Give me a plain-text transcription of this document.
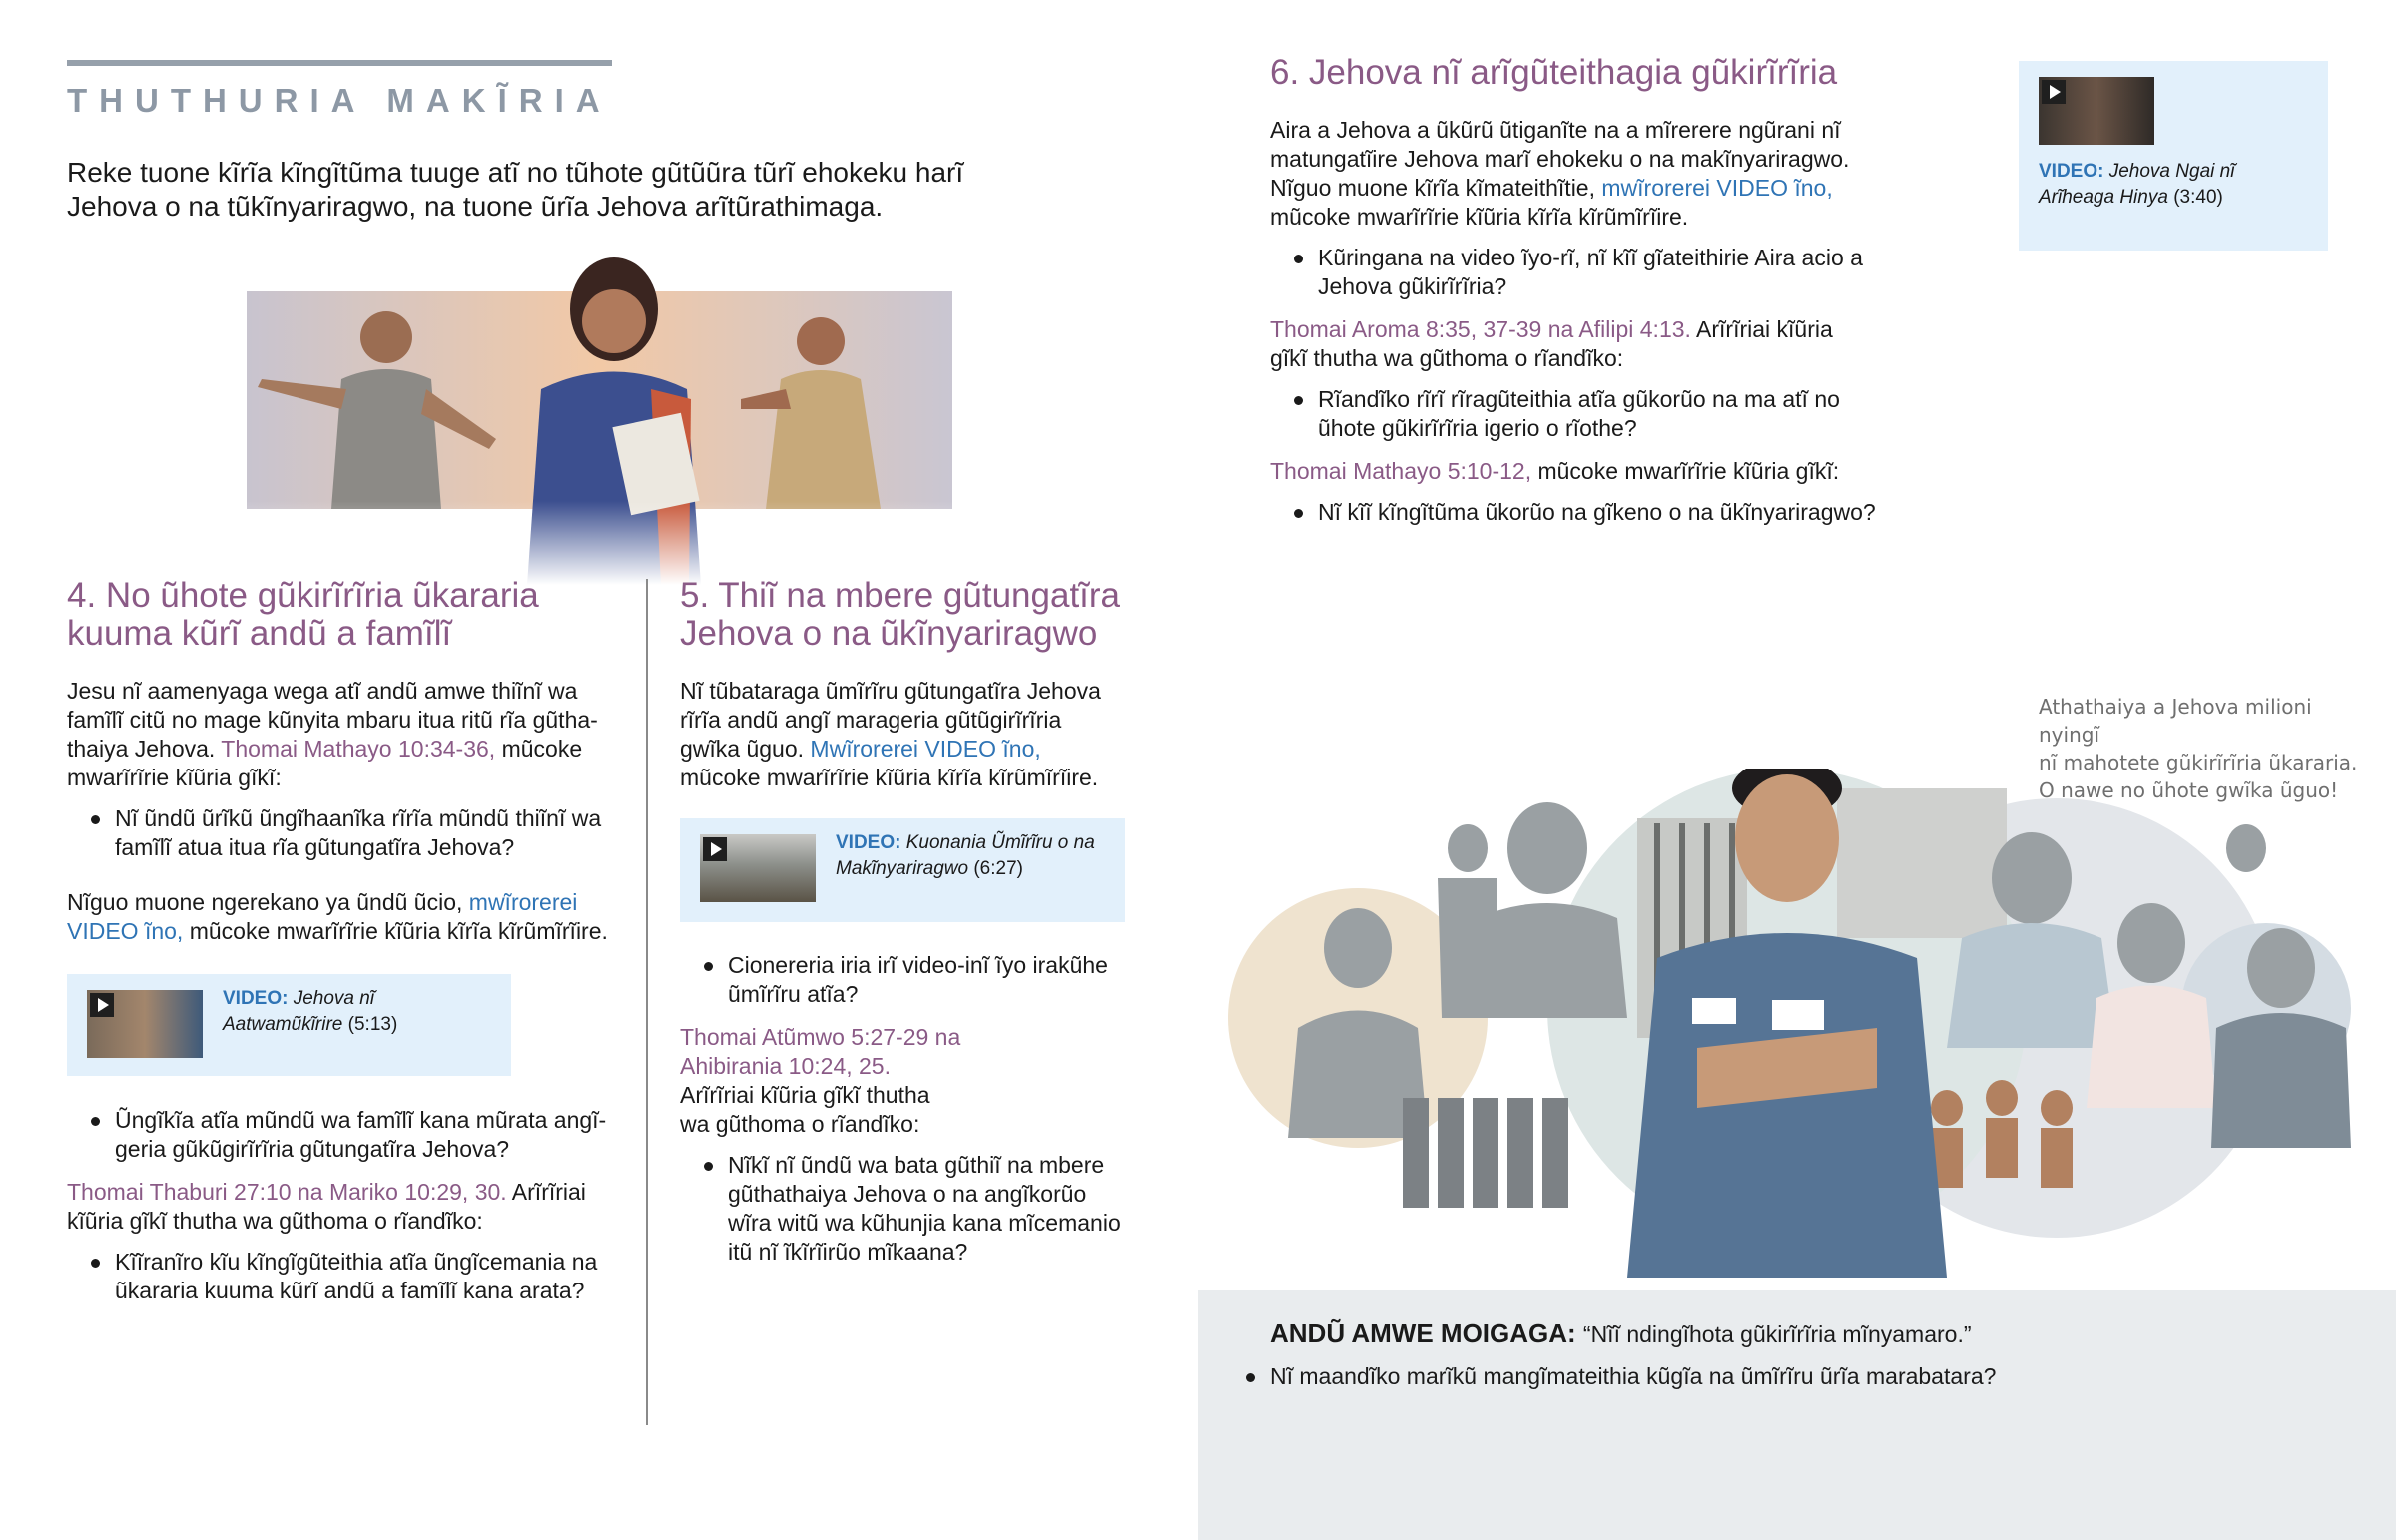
THUTHURIA MAKĨRIA
Reke tuone kĩrĩa kĩngĩtũma tuuge atĩ no tũhote gũtũũra tũrĩ ehokeku harĩ Jehova o na tũkĩnyariragwo, na tuone ũrĩa Jehova arĩtũrathimaga.
4. No ũhote gũkirĩrĩria ũkararia
kuuma kũrĩ andũ a famĩlĩ
Jesu nĩ aamenyaga wega atĩ andũ amwe thiĩnĩ wa
famĩlĩ citũ no mage kũnyita mbaru itua ritũ rĩa gũtha-
thaiya Jehova. Thomai Mathayo 10:34-36, mũcoke
mwarĩrĩrie kĩũria gĩkĩ:
Nĩ ũndũ ũrĩkũ ũngĩhaanĩka rĩrĩa mũndũ thiĩnĩ wa
famĩlĩ atua itua rĩa gũtungatĩra Jehova?
Nĩguo muone ngerekano ya ũndũ ũcio, mwĩrorerei
VIDEO ĩno, mũcoke mwarĩrĩrie kĩũria kĩrĩa kĩrũmĩrĩire.
VIDEO: Jehova nĩ
Aatwamũkĩrire (5:13)
Ũngĩkĩa atĩa mũndũ wa famĩlĩ kana mũrata angĩ-
geria gũkũgirĩrĩria gũtungatĩra Jehova?
Thomai Thaburi 27:10 na Mariko 10:29, 30. Arĩrĩriai
kĩũria gĩkĩ thutha wa gũthoma o rĩandĩko:
Kĩĩranĩro kĩu kĩngĩgũteithia atĩa ũngĩcemania na
ũkararia kuuma kũrĩ andũ a famĩlĩ kana arata?
5. Thiĩ na mbere gũtungatĩra
Jehova o na ũkĩnyariragwo
Nĩ tũbataraga ũmĩrĩru gũtungatĩra Jehova
rĩrĩa andũ angĩ marageria gũtũgirĩrĩria
gwĩka ũguo. Mwĩrorerei VIDEO ĩno,
mũcoke mwarĩrĩrie kĩũria kĩrĩa kĩrũmĩrĩire.
VIDEO: Kuonania Ũmĩrĩru o na
Makĩnyariragwo (6:27)
Cionereria iria irĩ video-inĩ ĩyo irakũhe
ũmĩrĩru atĩa?
Thomai Atũmwo 5:27-29 na
Ahibirania 10:24, 25.
Arĩrĩriai kĩũria gĩkĩ thutha
wa gũthoma o rĩandĩko:
Nĩkĩ nĩ ũndũ wa bata gũthiĩ na mbere
gũthathaiya Jehova o na angĩkorũo
wĩra witũ wa kũhunjia kana mĩcemanio
itũ nĩ ĩkĩrĩirũo mĩkaana?
6. Jehova nĩ arĩgũteithagia gũkirĩrĩria
Aira a Jehova a ũkũrũ ũtiganĩte na a mĩrerere ngũrani nĩ
matungatĩire Jehova marĩ ehokeku o na makĩnyariragwo.
Nĩguo muone kĩrĩa kĩmateithĩtie, mwĩrorerei VIDEO ĩno,
mũcoke mwarĩrĩrie kĩũria kĩrĩa kĩrũmĩrĩire.
Kũringana na video ĩyo-rĩ, nĩ kĩĩ gĩateithirie Aira acio a
Jehova gũkirĩrĩria?
Thomai Aroma 8:35, 37-39 na Afilipi 4:13. Arĩrĩriai kĩũria
gĩkĩ thutha wa gũthoma o rĩandĩko:
Rĩandĩko rĩrĩ rĩragũteithia atĩa gũkorũo na ma atĩ no
ũhote gũkirĩrĩria igerio o rĩothe?
Thomai Mathayo 5:10-12, mũcoke mwarĩrĩrie kĩũria gĩkĩ:
Nĩ kĩĩ kĩngĩtũma ũkorũo na gĩkeno o na ũkĩnyariragwo?
VIDEO: Jehova Ngai nĩ
Arĩheaga Hinya (3:40)
Athathaiya a Jehova milioni nyingĩ
nĩ mahotete gũkirĩrĩria ũkararia.
O nawe no ũhote gwĩka ũguo!
ANDŨ AMWE MOIGAGA: “Nĩĩ ndingĩhota gũkirĩrĩria mĩnyamaro.”
Nĩ maandĩko marĩkũ mangĩmateithia kũgĩa na ũmĩrĩru ũrĩa marabatara?
